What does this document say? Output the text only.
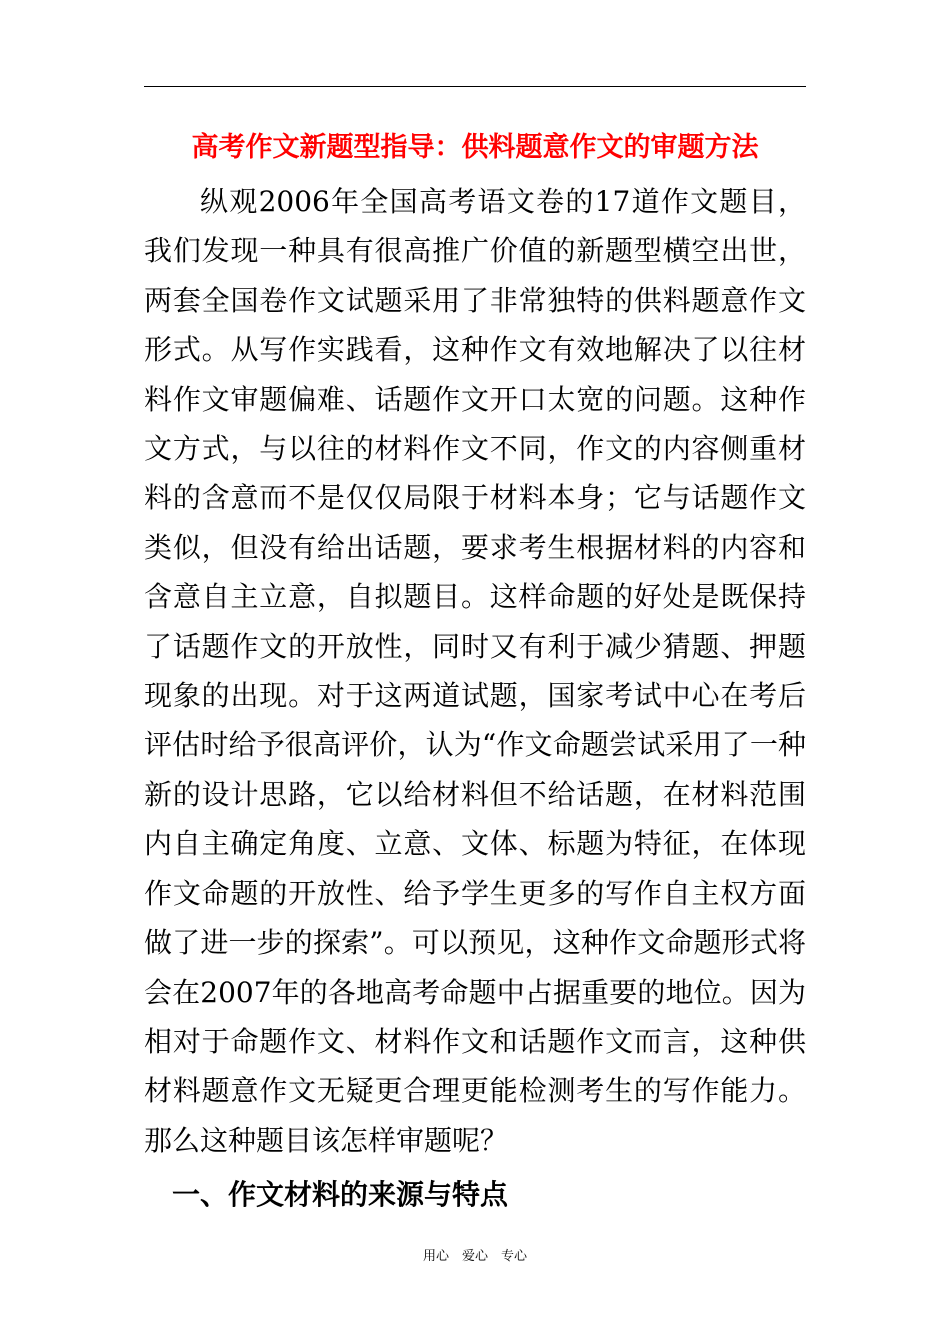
高考作文新题型指导：供料题意作文的审题方法

纵观2006年全国高考语文卷的17道作文题目，我们发现一种具有很高推广价值的新题型横空出世，两套全国卷作文试题采用了非常独特的供料题意作文形式。从写作实践看，这种作文有效地解决了以往材料作文审题偏难、话题作文开口太宽的问题。这种作文方式，与以往的材料作文不同，作文的内容侧重材料的含意而不是仅仅局限于材料本身；它与话题作文类似，但没有给出话题，要求考生根据材料的内容和含意自主立意，自拟题目。这样命题的好处是既保持了话题作文的开放性，同时又有利于减少猜题、押题现象的出现。对于这两道试题，国家考试中心在考后评估时给予很高评价，认为“作文命题尝试采用了一种新的设计思路，它以给材料但不给话题，在材料范围内自主确定角度、立意、文体、标题为特征，在体现作文命题的开放性、给予学生更多的写作自主权方面做了进一步的探索”。可以预见，这种作文命题形式将会在2007年的各地高考命题中占据重要的地位。因为相对于命题作文、材料作文和话题作文而言，这种供材料题意作文无疑更合理更能检测考生的写作能力。那么这种题目该怎样审题呢？

一、作文材料的来源与特点
用心　爱心　专心
